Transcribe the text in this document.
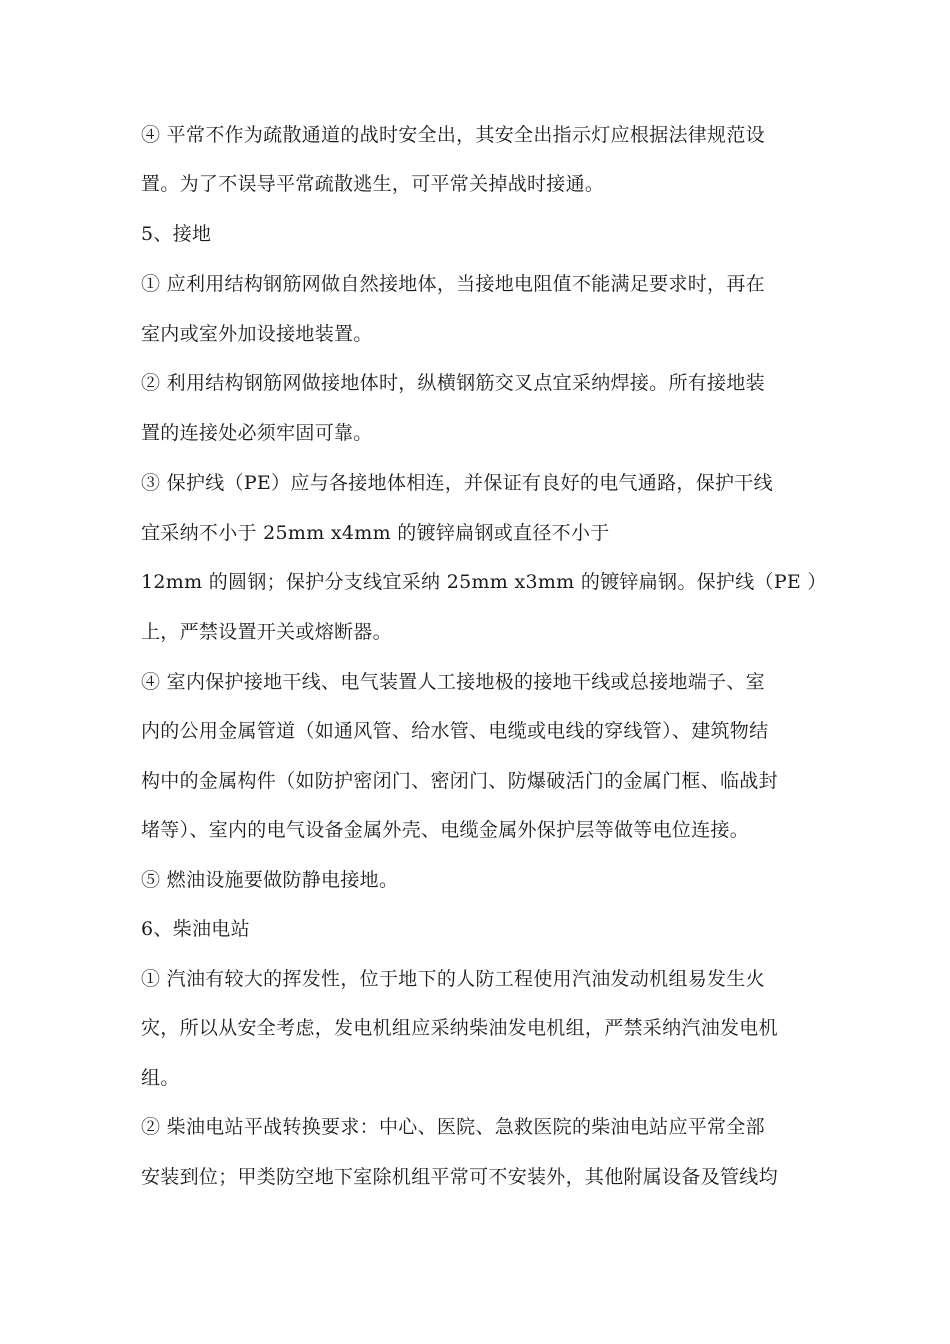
④ 平常不作为疏散通道的战时安全出，其安全出指示灯应根据法律规范设
置。为了不误导平常疏散逃生，可平常关掉战时接通。
5、接地
① 应利用结构钢筋网做自然接地体，当接地电阻值不能满足要求时，再在
室内或室外加设接地装置。
② 利用结构钢筋网做接地体时，纵横钢筋交叉点宜采纳焊接。所有接地装
置的连接处必须牢固可靠。
③ 保护线（PE）应与各接地体相连，并保证有良好的电气通路，保护干线
宜采纳不小于 25mm x4mm 的镀锌扁钢或直径不小于
12mm 的圆钢；保护分支线宜采纳 25mm x3mm 的镀锌扁钢。保护线（PE ）
上，严禁设置开关或熔断器。
④ 室内保护接地干线、电气装置人工接地极的接地干线或总接地端子、室
内的公用金属管道（如通风管、给水管、电缆或电线的穿线管）、建筑物结
构中的金属构件（如防护密闭门、密闭门、防爆破活门的金属门框、临战封
堵等）、室内的电气设备金属外壳、电缆金属外保护层等做等电位连接。
⑤ 燃油设施要做防静电接地。
6、柴油电站
① 汽油有较大的挥发性，位于地下的人防工程使用汽油发动机组易发生火
灾，所以从安全考虑，发电机组应采纳柴油发电机组，严禁采纳汽油发电机
组。
② 柴油电站平战转换要求：中心、医院、急救医院的柴油电站应平常全部
安装到位；甲类防空地下室除机组平常可不安装外，其他附属设备及管线均
